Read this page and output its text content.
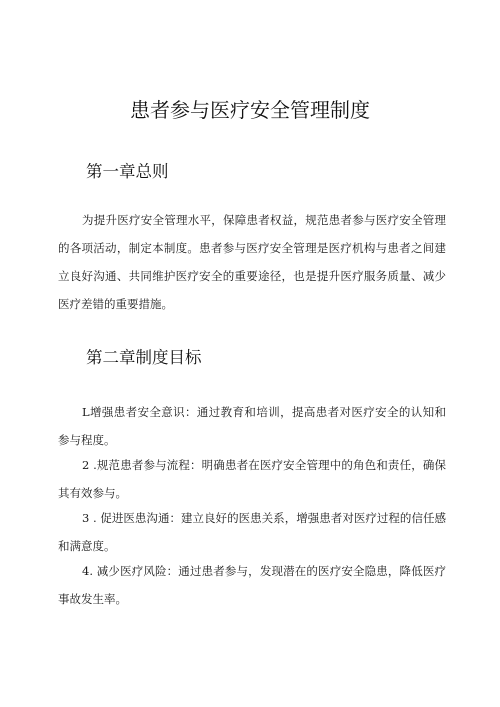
患者参与医疗安全管理制度
第一章总则

为提升医疗安全管理水平，保障患者权益，规范患者参与医疗安全管理的各项活动，制定本制度。患者参与医疗安全管理是医疗机构与患者之间建立良好沟通、共同维护医疗安全的重要途径，也是提升医疗服务质量、减少医疗差错的重要措施。

第二章制度目标

L增强患者安全意识：通过教育和培训，提高患者对医疗安全的认知和参与程度。

2 .规范患者参与流程：明确患者在医疗安全管理中的角色和责任，确保其有效参与。

3 . 促进医患沟通：建立良好的医患关系，增强患者对医疗过程的信任感和满意度。

4. 减少医疗风险：通过患者参与，发现潜在的医疗安全隐患，降低医疗事故发生率。
